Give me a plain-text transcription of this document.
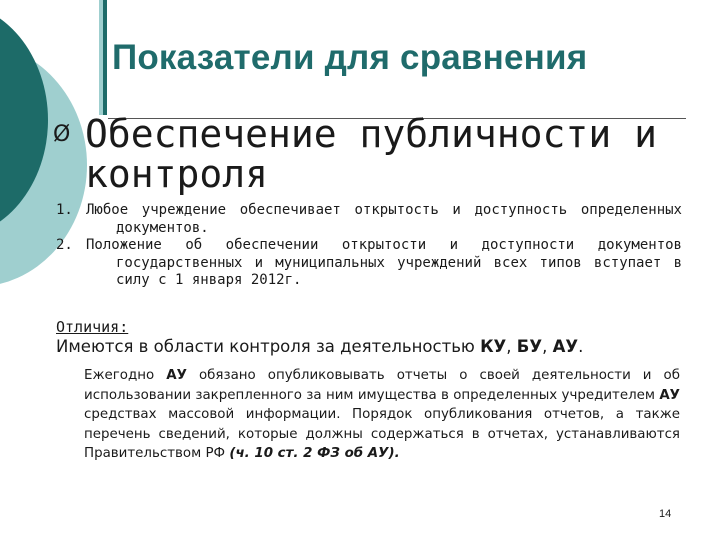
Показатели для сравнения
Ø Обеспечение публичности и контроля
1. Любое учреждение обеспечивает открытость и доступность определенных документов.
2. Положение об обеспечении открытости и доступности документов государственных и муниципальных учреждений всех типов вступает в силу с 1 января 2012г.

Отличия:

Имеются в области контроля за деятельностью КУ, БУ, АУ.

Ежегодно АУ обязано опубликовывать отчеты о своей деятельности и об использовании закрепленного за ним имущества в определенных учредителем АУ средствах массовой информации. Порядок опубликования отчетов, а также перечень сведений, которые должны содержаться в отчетах, устанавливаются Правительством РФ (ч. 10 ст. 2 ФЗ об АУ).

14
